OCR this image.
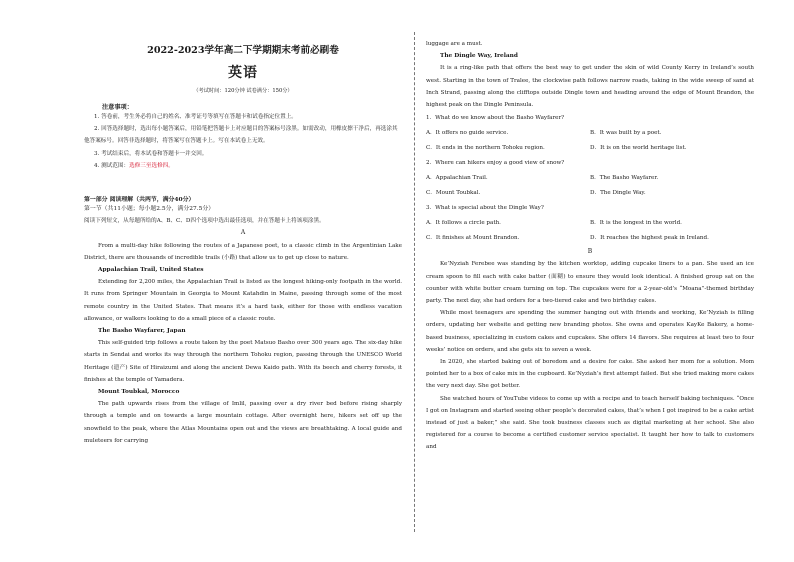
2022-2023学年高二下学期期末考前必刷卷

英语

（考试时间：120分钟 试卷满分：150分）

注意事项：

1. 答卷前，考生务必将自己的姓名、准考证号等填写在答题卡和试卷指定位置上。

2. 回答选择题时，选出每小题答案后，用铅笔把答题卡上对应题目的答案标号涂黑。如需改动，用橡皮擦干净后，再选涂其他答案标号。回答非选择题时，将答案写在答题卡上。写在本试卷上无效。

3. 考试结束后，将本试卷和答题卡一并交回。

4. 测试范围：选修三至选修四。

第一部分 阅读理解（共两节，满分40分）

第一节（共11小题；每小题2.5分，满分27.5分）

阅读下列短文，从每题所给的A、B、C、D四个选项中选出最佳选项，并在答题卡上将该项涂黑。

A

From a multi-day hike following the routes of a Japanese poet, to a classic climb in the Argentinian Lake District, there are thousands of incredible trails (小路) that allow us to get up close to nature.

Appalachian Trail, United States

Extending for 2,200 miles, the Appalachian Trail is listed as the longest hiking-only footpath in the world. It runs from Springer Mountain in Georgia to Mount Katahdin in Maine, passing through some of the most remote country in the United States. That means it’s a hard task, either for those with endless vacation allowance, or walkers looking to do a small piece of a classic route.

The Basho Wayfarer, Japan

This self-guided trip follows a route taken by the poet Matsuo Basho over 300 years ago. The six-day hike starts in Sendai and works its way through the northern Tohoku region, passing through the UNESCO World Heritage (遗产) Site of Hiraizumi and along the ancient Dewa Kaido path. With its beech and cherry forests, it finishes at the temple of Yamadera.

Mount Toubkal, Morocco

The path upwards rises from the village of Imlil, passing over a dry river bed before rising sharply through a temple and on towards a large mountain cottage. After overnight here, hikers set off up the snowfield to the peak, where the Atlas Mountains open out and the views are breathtaking. A local guide and muleteers for carrying

luggage are a must.

The Dingle Way, Ireland

It is a ring-like path that offers the best way to get under the skin of wild County Kerry in Ireland’s south west. Starting in the town of Tralee, the clockwise path follows narrow roads, taking in the wide sweep of sand at Inch Strand, passing along the clifftops outside Dingle town and heading around the edge of Mount Brandon, the highest peak on the Dingle Peninsula.

1．What do we know about the Basho Wayfarer?

A．It offers no guide service.	B．It was built by a poet.
C．It ends in the northern Tohoku region.	D．It is on the world heritage list.

2．Where can hikers enjoy a good view of snow?

A．Appalachian Trail.	B．The Basho Wayfarer.
C．Mount Toubkal.	D．The Dingle Way.

3．What is special about the Dingle Way?

A．It follows a circle path.	B．It is the longest in the world.
C．It finishes at Mount Brandon.	D．It reaches the highest peak in Ireland.

B

Ke’Nyziah Ferebee was standing by the kitchen worktop, adding cupcake liners to a pan. She used an ice cream spoon to fill each with cake batter (面糊) to ensure they would look identical. A finished group sat on the counter with white butter cream turning on top. The cupcakes were for a 2-year-old’s “Moana”-themed birthday party. The next day, she had orders for a two-tiered cake and two birthday cakes.

While most teenagers are spending the summer hanging out with friends and working, Ke’Nyziah is filling orders, updating her website and getting new branding photos. She owns and operates KayKe Bakery, a home-based business, specializing in custom cakes and cupcakes. She offers 14 flavors. She requires at least two to four weeks’ notice on orders, and she gets six to seven a week.

In 2020, she started baking out of boredom and a desire for cake. She asked her mom for a solution. Mom pointed her to a box of cake mix in the cupboard. Ke’Nyziah’s first attempt failed. But she tried making more cakes the very next day. She got better.

She watched hours of YouTube videos to come up with a recipe and to teach herself baking techniques. “Once I got on Instagram and started seeing other people’s decorated cakes, that’s when I got inspired to be a cake artist instead of just a baker,” she said. She took business classes such as digital marketing at her school. She also registered for a course to become a certified customer service specialist. It taught her how to talk to customers and
